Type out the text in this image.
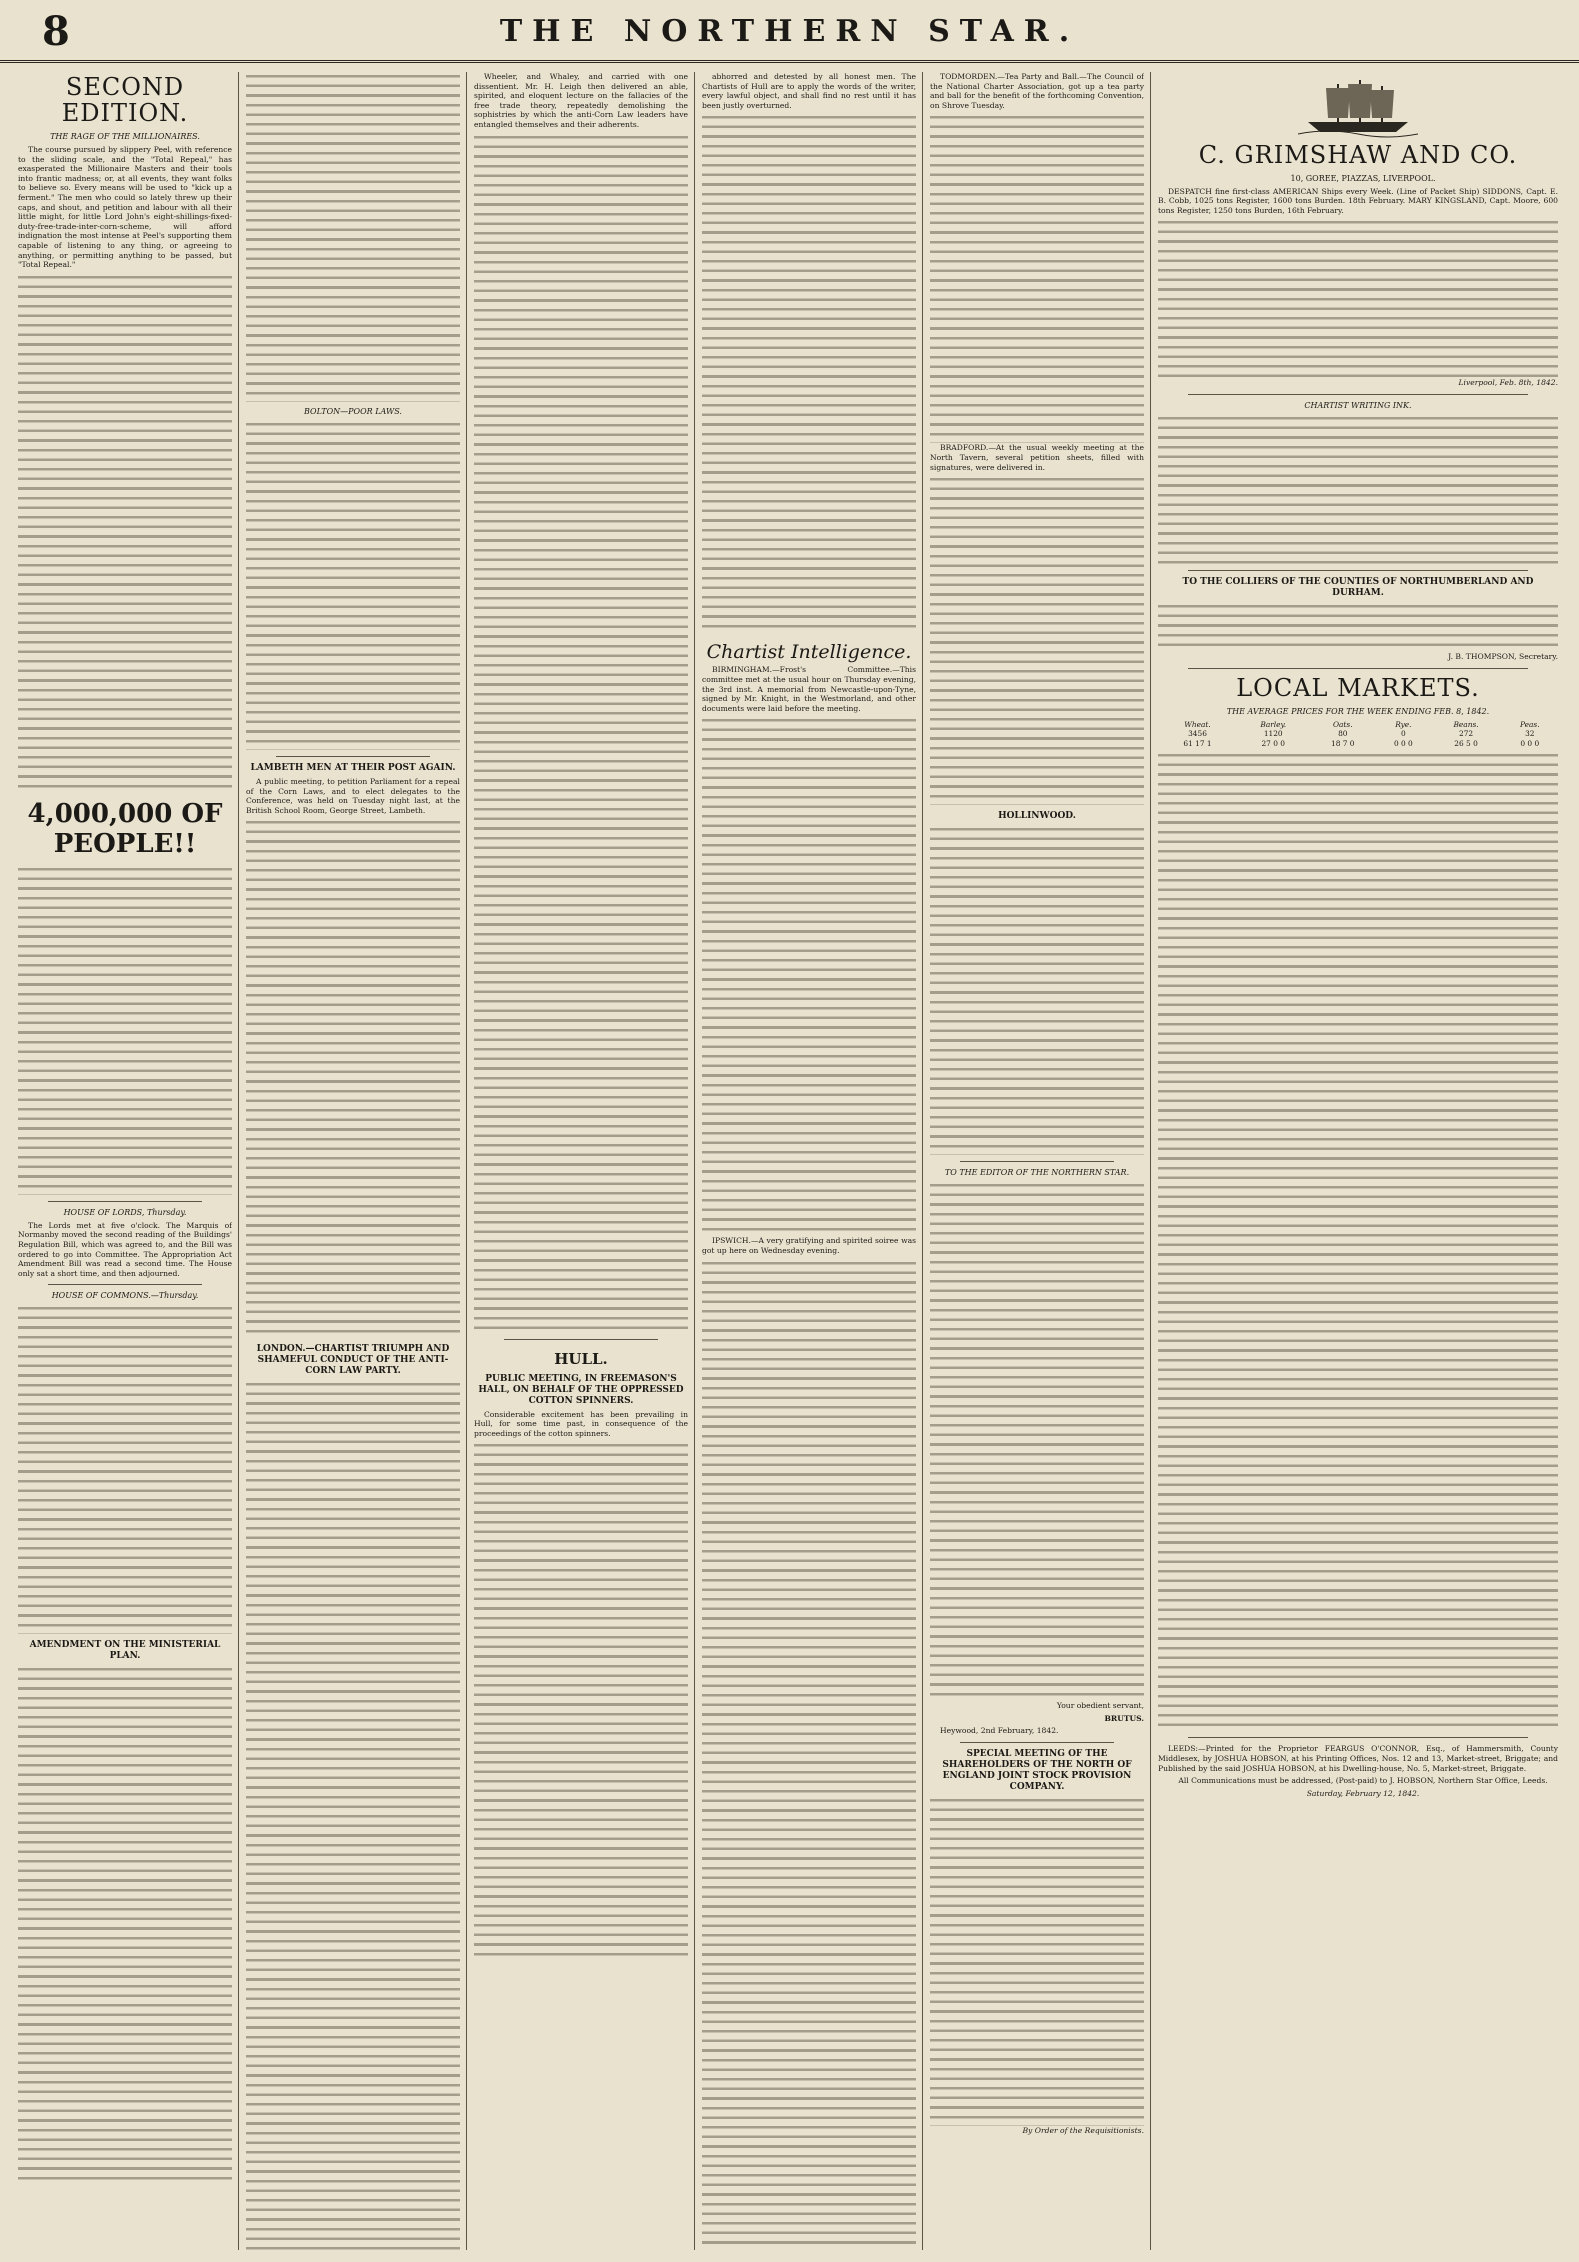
8	THE NORTHERN STAR.
SECOND EDITION.
THE RAGE OF THE MILLIONAIRES.

The course pursued by slippery Peel, with reference to the sliding scale, and the "Total Repeal," has exasperated the Millionaire Masters and their tools into frantic madness; or, at all events, they want folks to believe so. Every means will be used to "kick up a ferment." The men who could so lately threw up their caps, and shout, and petition and labour with all their little might, for little Lord John's eight-shillings-fixed-duty-free-trade-inter-corn-scheme, will afford indignation the most intense at Peel's supporting them capable of listening to any thing, or agreeing to anything, or permitting anything to be passed, but "Total Repeal."

4,000,000 OF PEOPLE!!

HOUSE OF LORDS, Thursday.

The Lords met at five o'clock. The Marquis of Normanby moved the second reading of the Buildings' Regulation Bill, which was agreed to, and the Bill was ordered to go into Committee. The Appropriation Act Amendment Bill was read a second time. The House only sat a short time, and then adjourned.

HOUSE OF COMMONS.—Thursday.
AMENDMENT ON THE MINISTERIAL PLAN.
BOLTON—POOR LAWS.
LAMBETH MEN AT THEIR POST AGAIN.

A public meeting, to petition Parliament for a repeal of the Corn Laws, and to elect delegates to the Conference, was held on Tuesday night last, at the British School Room, George Street, Lambeth.

LONDON.—CHARTIST TRIUMPH AND SHAMEFUL CONDUCT OF THE ANTI-CORN LAW PARTY.

Wheeler, and Whaley, and carried with one dissentient. Mr. H. Leigh then delivered an able, spirited, and eloquent lecture on the fallacies of the free trade theory, repeatedly demolishing the sophistries by which the anti-Corn Law leaders have entangled themselves and their adherents.

HULL.
PUBLIC MEETING, IN FREEMASON'S HALL, ON BEHALF OF THE OPPRESSED COTTON SPINNERS.

Considerable excitement has been prevailing in Hull, for some time past, in consequence of the proceedings of the cotton spinners.

abhorred and detested by all honest men. The Chartists of Hull are to apply the words of the writer, every lawful object, and shall find no rest until it has been justly overturned.

Chartist Intelligence.

BIRMINGHAM.—Frost's Committee.—This committee met at the usual hour on Thursday evening, the 3rd inst. A memorial from Newcastle-upon-Tyne, signed by Mr. Knight, in the Westmorland, and other documents were laid before the meeting.

IPSWICH.—A very gratifying and spirited soiree was got up here on Wednesday evening.

TODMORDEN.—Tea Party and Ball.—The Council of the National Charter Association, got up a tea party and ball for the benefit of the forthcoming Convention, on Shrove Tuesday.

BRADFORD.—At the usual weekly meeting at the North Tavern, several petition sheets, filled with signatures, were delivered in.

HOLLINWOOD.
TO THE EDITOR OF THE NORTHERN STAR.

Your obedient servant,

BRUTUS.

Heywood, 2nd February, 1842.

SPECIAL MEETING OF THE SHAREHOLDERS OF THE NORTH OF ENGLAND JOINT STOCK PROVISION COMPANY.

By Order of the Requisitionists.

C. GRIMSHAW AND CO.

10, GOREE, PIAZZAS, LIVERPOOL.

DESPATCH fine first-class AMERICAN Ships every Week. (Line of Packet Ship) SIDDONS, Capt. E. B. Cobb, 1025 tons Register, 1600 tons Burden. 18th February. MARY KINGSLAND, Capt. Moore, 600 tons Register, 1250 tons Burden, 16th February.

Liverpool, Feb. 8th, 1842.

CHARTIST WRITING INK.
TO THE COLLIERS OF THE COUNTIES OF NORTHUMBERLAND AND DURHAM.

J. B. THOMPSON, Secretary.

LOCAL MARKETS.
THE AVERAGE PRICES FOR THE WEEK ENDING FEB. 8, 1842.
Wheat.	Barley.	Oats.	Rye.	Beans.	Peas.
3456	1120	80	0	272	32
61 17 1	27 0 0	18 7 0	0 0 0	26 5 0	0 0 0

LEEDS:—Printed for the Proprietor FEARGUS O'CONNOR, Esq., of Hammersmith, County Middlesex, by JOSHUA HOBSON, at his Printing Offices, Nos. 12 and 13, Market-street, Briggate; and Published by the said JOSHUA HOBSON, at his Dwelling-house, No. 5, Market-street, Briggate.

All Communications must be addressed, (Post-paid) to J. HOBSON, Northern Star Office, Leeds.

Saturday, February 12, 1842.
